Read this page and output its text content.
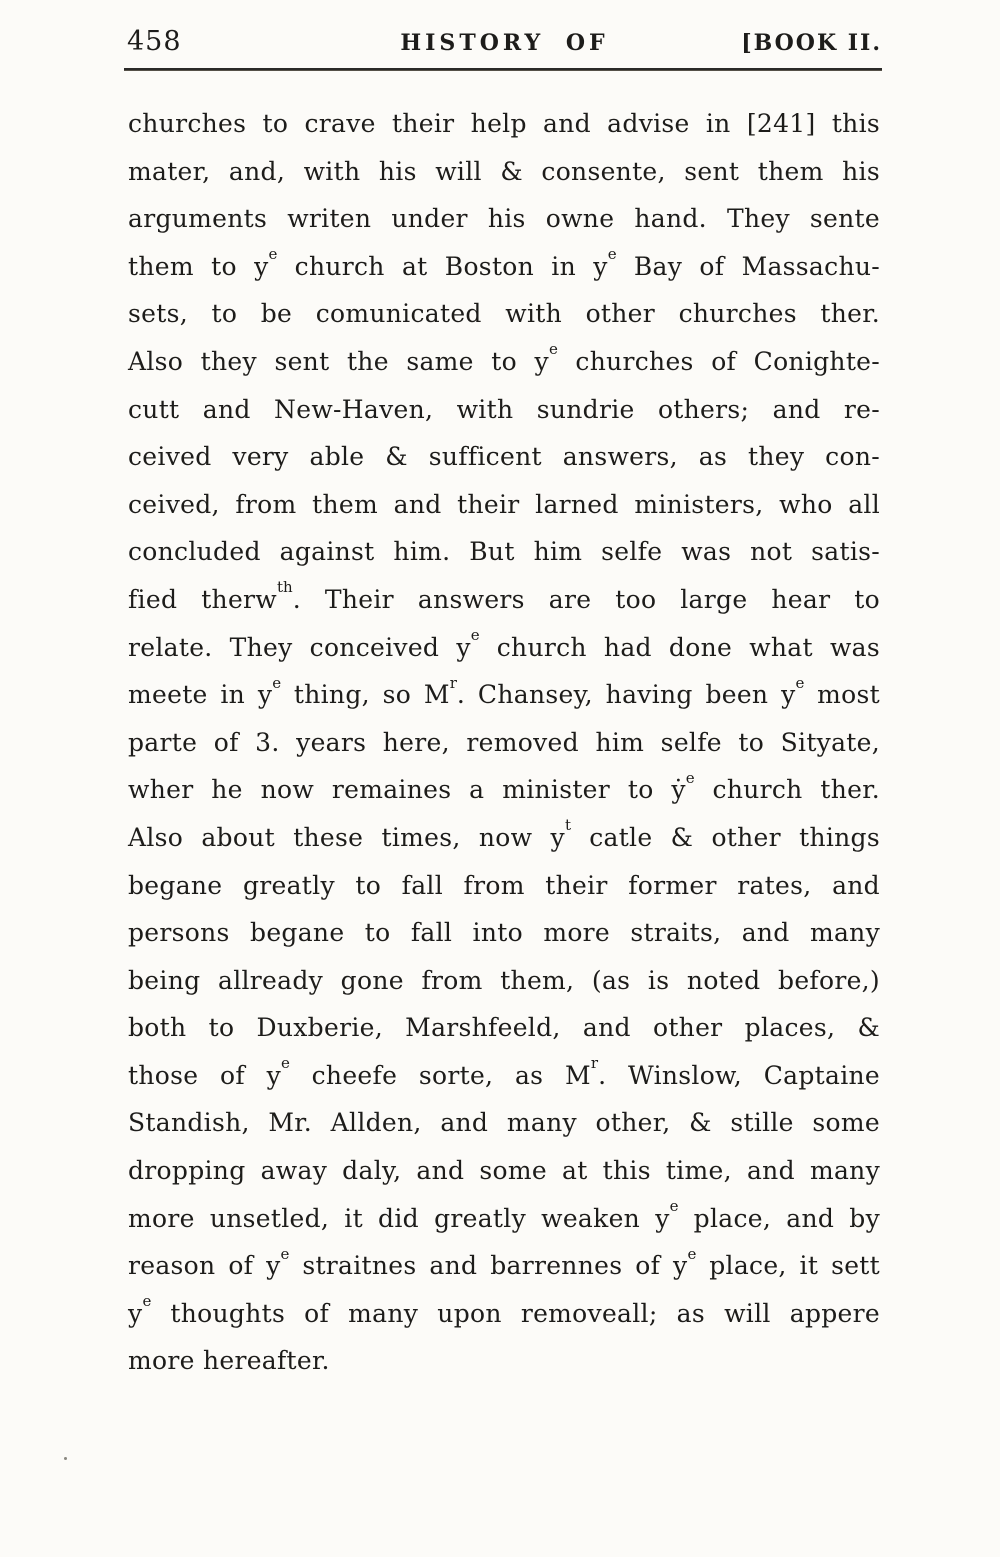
458	HISTORY OF	[BOOK II.
churches to crave their help and advise in [241] this
mater, and, with his will & consente, sent them his
arguments writen under his owne hand. They sente
them to $y^e$ church at Boston in $y^e$ Bay of Massachu-
sets, to be comunicated with other churches ther.
Also they sent the same to $y^e$ churches of Conighte-
cutt and New-Haven, with sundrie others; and re-
ceived very able & sufficent answers, as they con-
ceived, from them and their larned ministers, who all
concluded against him. But him selfe was not satis-
fied therw$^{th}$. Their answers are too large hear to
relate. They conceived $y^e$ church had done what was
meete in $y^e$ thing, so $M^r$. Chansey, having been $y^e$ most
parte of 3. years here, removed him selfe to Sityate,
wher he now remaines a minister to ẏ$^e$ church ther.
Also about these times, now $y^t$ catle & other things
begane greatly to fall from their former rates, and
persons begane to fall into more straits, and many
being allready gone from them, (as is noted before,)
both to Duxberie, Marshfeeld, and other places, &
those of $y^e$ cheefe sorte, as $M^r$. Winslow, Captaine
Standish, Mr. Allden, and many other, & stille some
dropping away daly, and some at this time, and many
more unsetled, it did greatly weaken $y^e$ place, and by
reason of $y^e$ straitnes and barrennes of $y^e$ place, it sett
$y^e$ thoughts of many upon removeall; as will appere
more hereafter.
